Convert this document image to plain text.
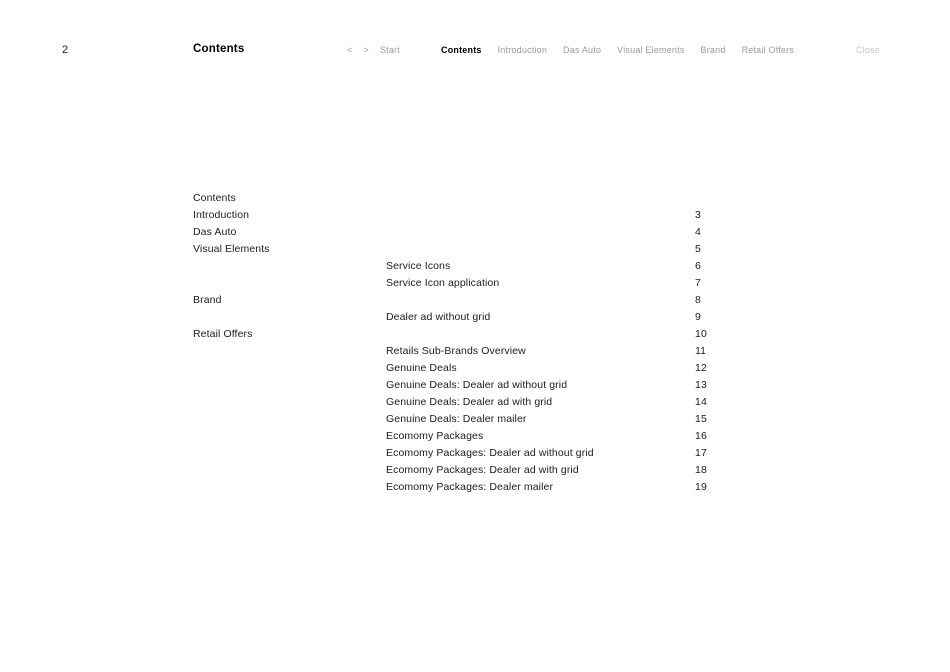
2	Contents	< > Start	Contents Introduction Das Auto Visual Elements Brand Retail Offers	Close
Contents
Introduction	3
Das Auto	4
Visual Elements	5
Service Icons	6
Service Icon application	7
Brand	8
Dealer ad without grid	9
Retail Offers	10
Retails Sub-Brands Overview	11
Genuine Deals	12
Genuine Deals: Dealer ad without grid	13
Genuine Deals: Dealer ad with grid	14
Genuine Deals: Dealer mailer	15
Ecomomy Packages	16
Ecomomy Packages: Dealer ad without grid	17
Ecomomy Packages: Dealer ad with grid	18
Ecomomy Packages: Dealer mailer	19
